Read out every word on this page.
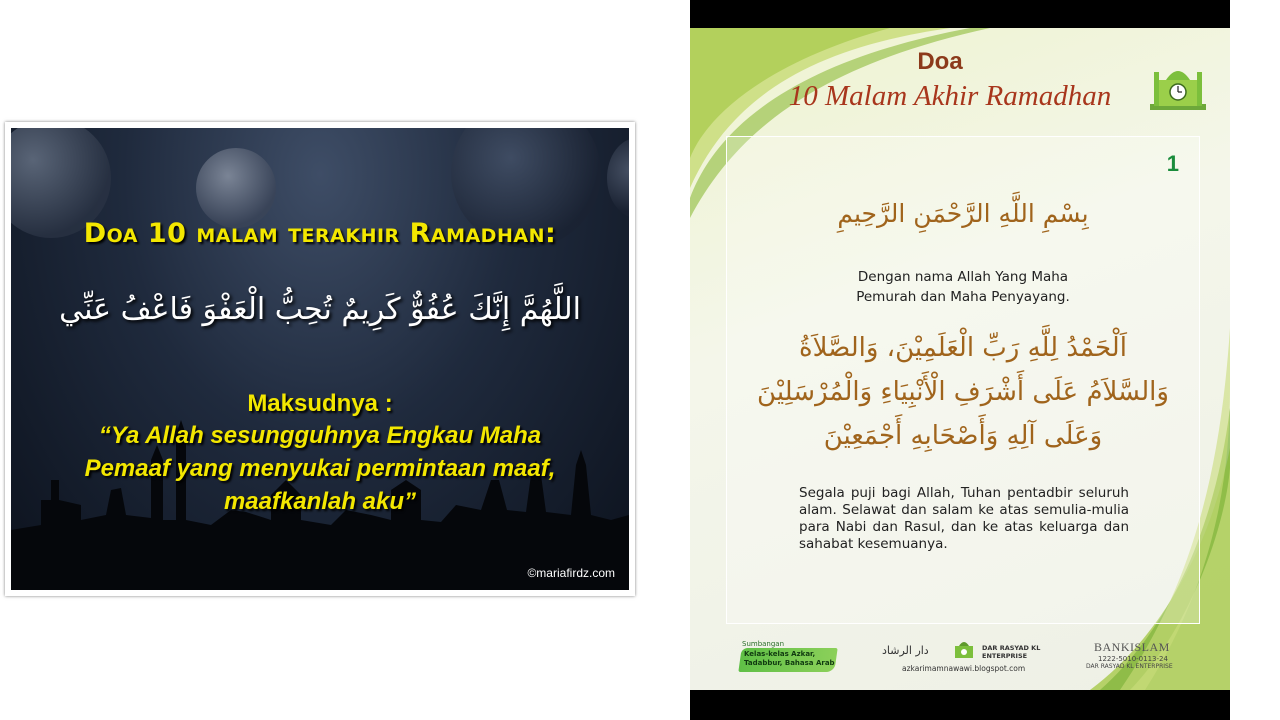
Doa 10 malam terakhir Ramadhan:
اللَّهُمَّ إِنَّكَ عُفُوٌّ كَرِيمٌ تُحِبُّ الْعَفْوَ فَاعْفُ عَنِّي
Maksudnya :
“Ya Allah sesungguhnya Engkau Maha
Pemaaf yang menyukai permintaan maaf,
maafkanlah aku”
©mariafirdz.com
Doa
10 Malam Akhir Ramadhan
1
بِسْمِ اللَّهِ الرَّحْمَنِ الرَّحِيمِ
Dengan nama Allah Yang Maha Pemurah dan Maha Penyayang.
اَلْحَمْدُ لِلَّهِ رَبِّ الْعَلَمِيْنَ، وَالصَّلاَةُ
وَالسَّلاَمُ عَلَى أَشْرَفِ الْأَنْبِيَاءِ وَالْمُرْسَلِيْنَ
وَعَلَى آلِهِ وَأَصْحَابِهِ أَجْمَعِيْنَ
Segala puji bagi Allah, Tuhan pentadbir seluruh alam. Selawat dan salam ke atas semulia-mulia para Nabi dan Rasul, dan ke atas keluarga dan sahabat kesemuanya.
Sumbangan
Kelas-kelas Azkar, Tadabbur, Bahasa Arab
دار الرشاد	DAR RASYAD KL ENTERPRISE
azkarimamnawawi.blogspot.com
BANKISLAM
1222-5010-0113-24
DAR RASYAD KL ENTERPRISE
